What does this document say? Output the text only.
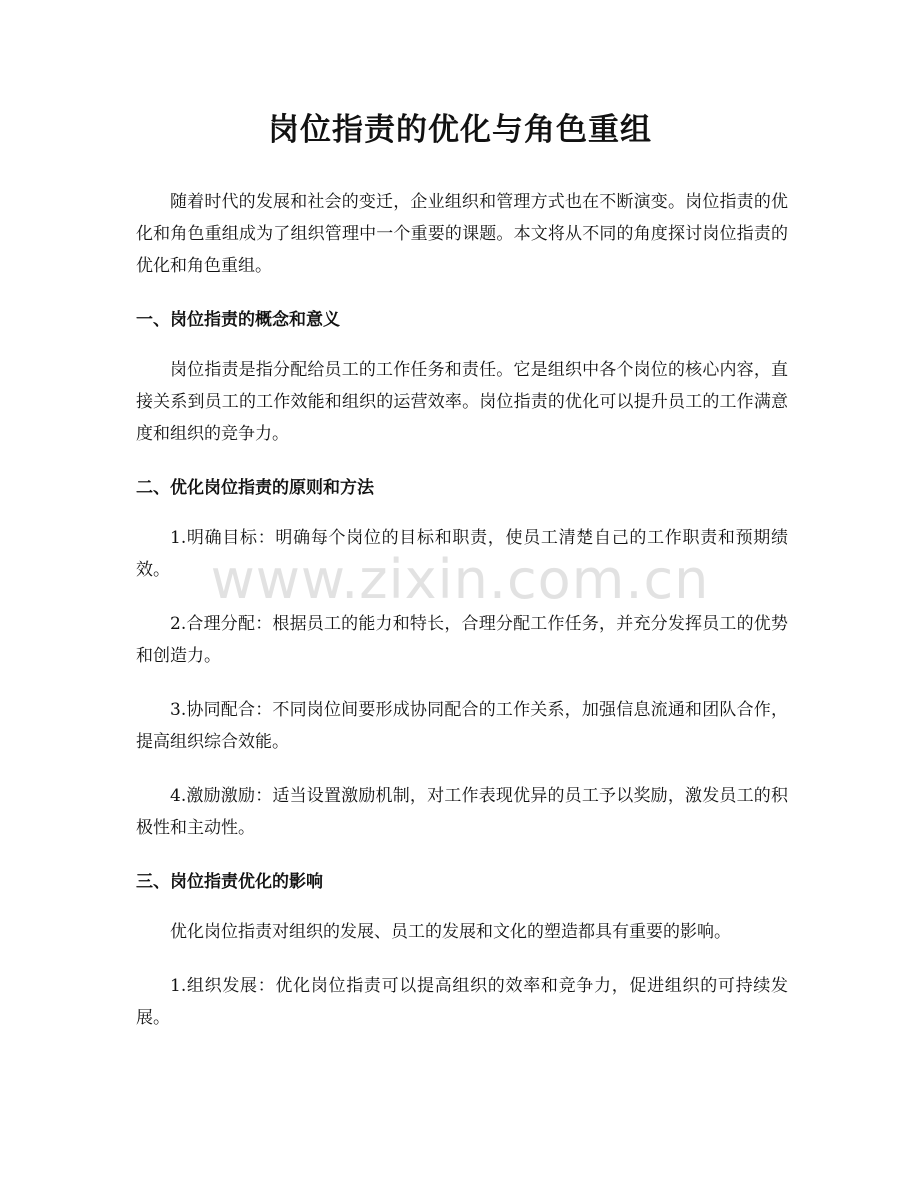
岗位指责的优化与角色重组

随着时代的发展和社会的变迁，企业组织和管理方式也在不断演变。岗位指责的优化和角色重组成为了组织管理中一个重要的课题。本文将从不同的角度探讨岗位指责的优化和角色重组。

一、岗位指责的概念和意义

岗位指责是指分配给员工的工作任务和责任。它是组织中各个岗位的核心内容，直接关系到员工的工作效能和组织的运营效率。岗位指责的优化可以提升员工的工作满意度和组织的竞争力。

二、优化岗位指责的原则和方法

1.明确目标：明确每个岗位的目标和职责，使员工清楚自己的工作职责和预期绩效。

2.合理分配：根据员工的能力和特长，合理分配工作任务，并充分发挥员工的优势和创造力。

3.协同配合：不同岗位间要形成协同配合的工作关系，加强信息流通和团队合作，提高组织综合效能。

4.激励激励：适当设置激励机制，对工作表现优异的员工予以奖励，激发员工的积极性和主动性。

三、岗位指责优化的影响

优化岗位指责对组织的发展、员工的发展和文化的塑造都具有重要的影响。

1.组织发展：优化岗位指责可以提高组织的效率和竞争力，促进组织的可持续发展。

www.zixin.com.cn
